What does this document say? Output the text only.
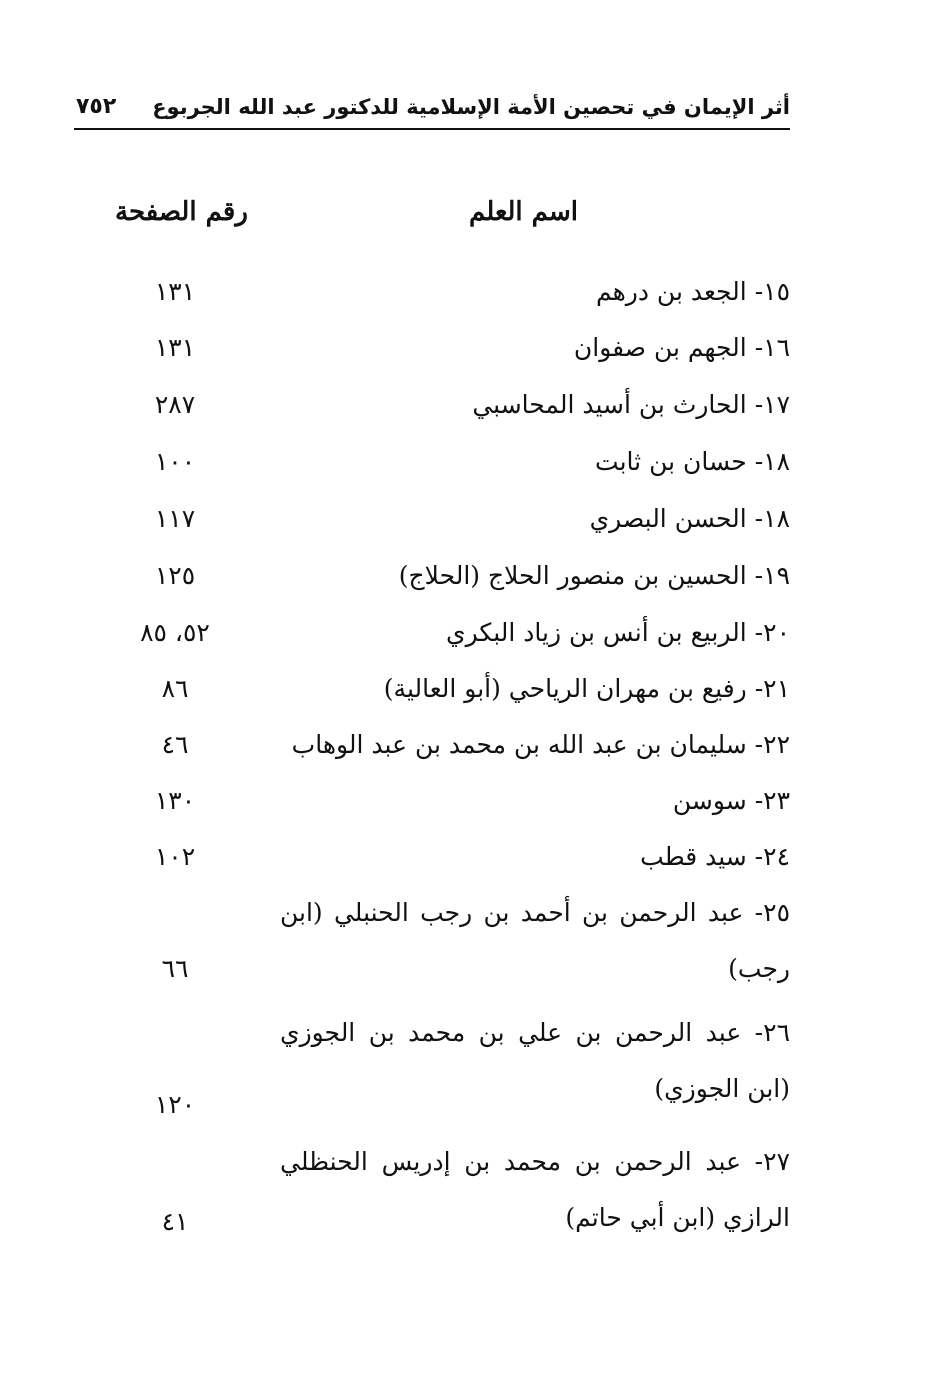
أثر الإيمان في تحصين الأمة الإسلامية للدكتور عبد الله الجربوع
٧٥٢
اسم العلم
رقم الصفحة
١٥- الجعد بن درهم
١٣١
١٦- الجهم بن صفوان
١٣١
١٧- الحارث بن أسيد المحاسبي
٢٨٧
١٨- حسان بن ثابت
١٠٠
١٨- الحسن البصري
١١٧
١٩- الحسين بن منصور الحلاج (الحلاج)
١٢٥
٢٠- الربيع بن أنس بن زياد البكري
٥٢، ٨٥
٢١- رفيع بن مهران الرياحي (أبو العالية)
٨٦
٢٢- سليمان بن عبد الله بن محمد بن عبد الوهاب
٤٦
٢٣- سوسن
١٣٠
٢٤- سيد قطب
١٠٢
٢٥- عبد الرحمن بن أحمد بن رجب الحنبلي (ابن رجب)
٦٦
٢٦- عبد الرحمن بن علي بن محمد بن الجوزي (ابن الجوزي)
١٢٠
٢٧- عبد الرحمن بن محمد بن إدريس الحنظلي الرازي (ابن أبي حاتم)
٤١
